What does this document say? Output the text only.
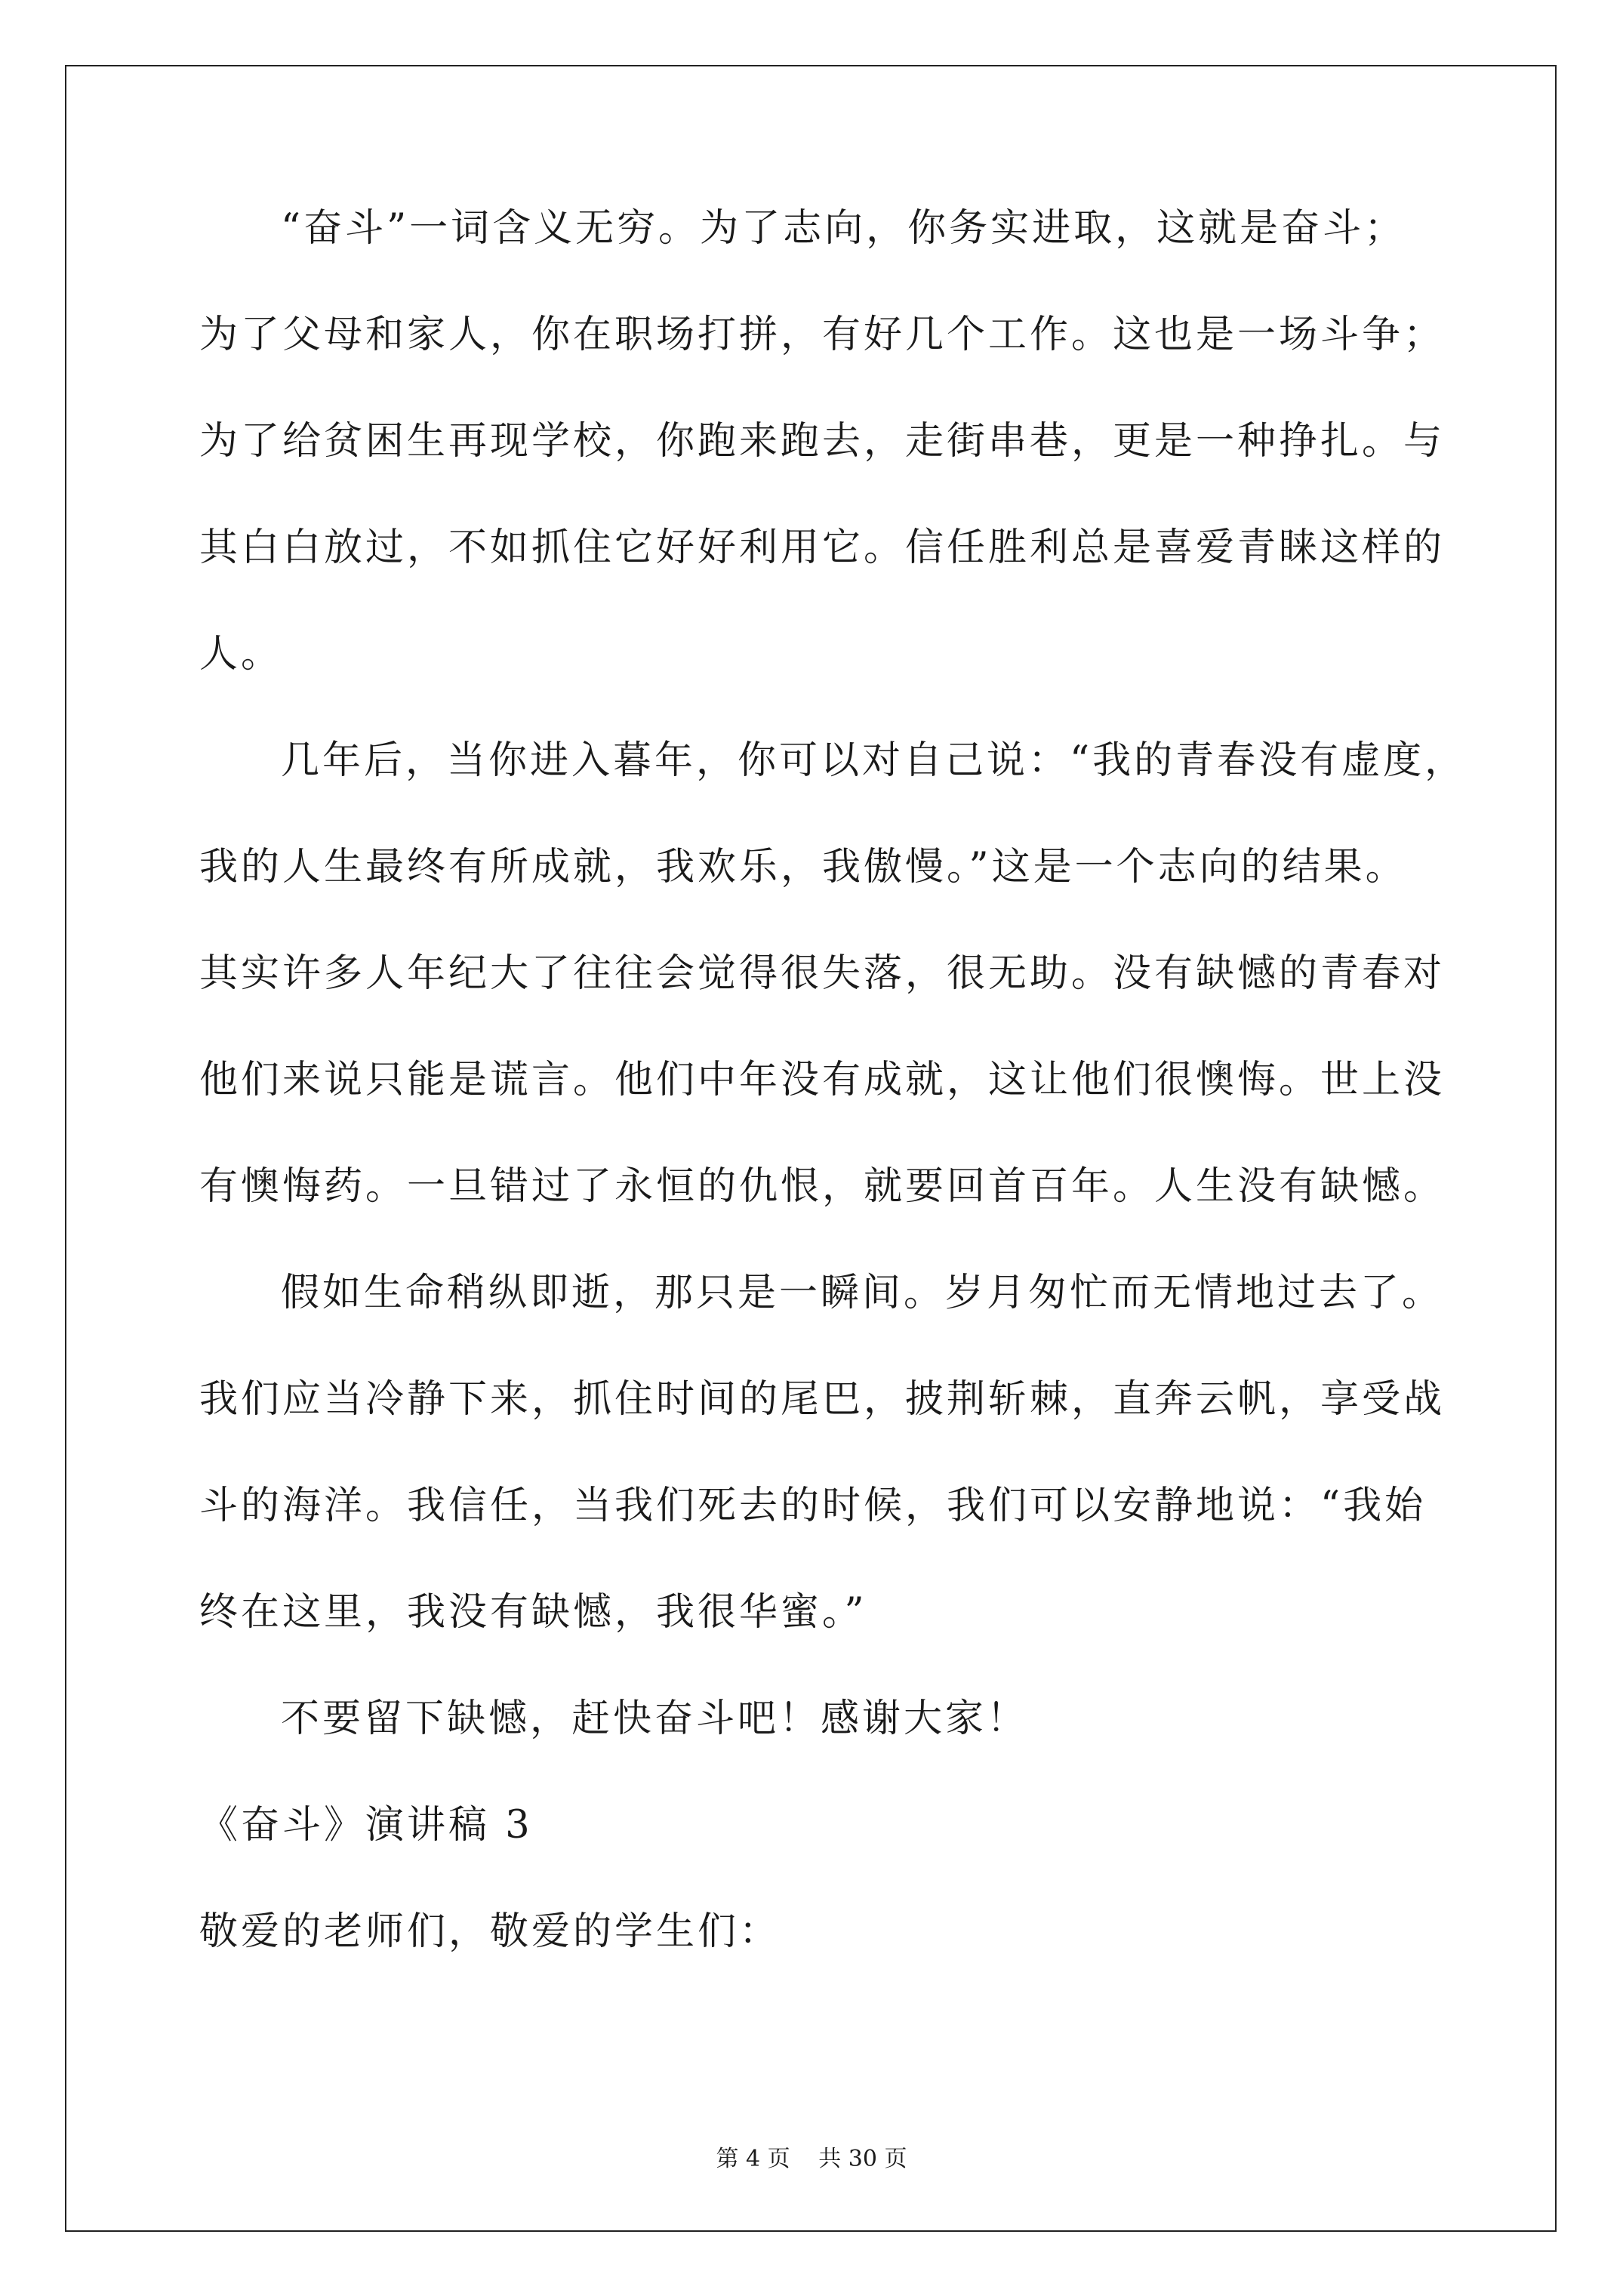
“奋斗”一词含义无穷。为了志向，你务实进取，这就是奋斗；
为了父母和家人，你在职场打拼，有好几个工作。这也是一场斗争；
为了给贫困生再现学校，你跑来跑去，走街串巷，更是一种挣扎。与
其白白放过，不如抓住它好好利用它。信任胜利总是喜爱青睐这样的
人。
几年后，当你进入暮年，你可以对自己说：“我的青春没有虚度，
我的人生最终有所成就，我欢乐，我傲慢。”这是一个志向的结果。
其实许多人年纪大了往往会觉得很失落，很无助。没有缺憾的青春对
他们来说只能是谎言。他们中年没有成就，这让他们很懊悔。世上没
有懊悔药。一旦错过了永恒的仇恨，就要回首百年。人生没有缺憾。
假如生命稍纵即逝，那只是一瞬间。岁月匆忙而无情地过去了。
我们应当冷静下来，抓住时间的尾巴，披荆斩棘，直奔云帆，享受战
斗的海洋。我信任，当我们死去的时候，我们可以安静地说：“我始
终在这里，我没有缺憾，我很华蜜。”
不要留下缺憾，赶快奋斗吧！感谢大家！
《奋斗》演讲稿 3
敬爱的老师们，敬爱的学生们：
第 4 页 共 30 页
